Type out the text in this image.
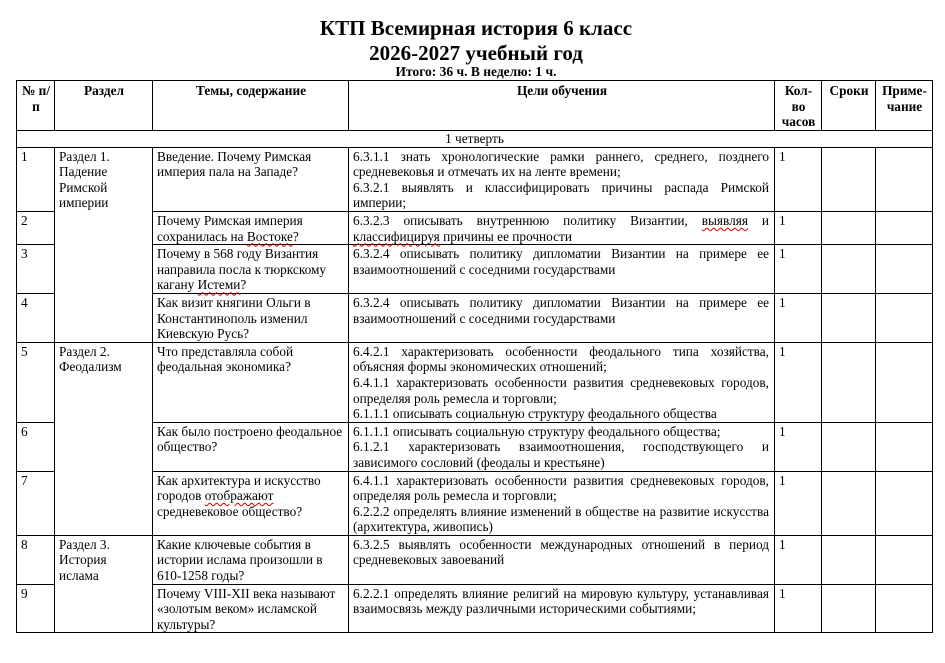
КТП Всемирная история 6 класс
2026-2027 учебный год
Итого: 36 ч. В неделю: 1 ч.
№ п/п	Раздел	Темы, содержание	Цели обучения	Кол-во часов	Сроки	Приме-чание
1 четверть						
1	Раздел 1. Падение Римской империи	Введение. Почему Римская империя пала на Западе?	6.3.1.1 знать хронологические рамки раннего, среднего, позднего средневековья и отмечать их на ленте времени;

6.3.2.1 выявлять и классифицировать причины распада Римской империи;	1		
2		Почему Римская империя сохранилась на Востоке?	6.3.2.3 описывать внутреннюю политику Византии, выявляя и классифицируя причины ее прочности	1		
3		Почему в 568 году Византия направила посла к тюркскому кагану Истеми?	6.3.2.4 описывать политику дипломатии Византии на примере ее взаимоотношений с соседними государствами	1		
4		Как визит княгини Ольги в Константинополь изменил Киевскую Русь?	6.3.2.4 описывать политику дипломатии Византии на примере ее взаимоотношений с соседними государствами	1		
5	Раздел 2. Феодализм	Что представляла собой феодальная экономика?	6.4.2.1 характеризовать особенности феодального типа хозяйства, объясняя формы экономических отношений;

6.4.1.1 характеризовать особенности развития средневековых городов, определяя роль ремесла и торговли;

6.1.1.1 описывать социальную структуру феодального общества	1		
6		Как было построено феодальное общество?	6.1.1.1 описывать социальную структуру феодального общества;

6.1.2.1 характеризовать взаимоотношения, господствующего и зависимого сословий (феодалы и крестьяне)	1		
7		Как архитектура и искусство городов отображают средневековое общество?	6.4.1.1 характеризовать особенности развития средневековых городов, определяя роль ремесла и торговли;

6.2.2.2 определять влияние изменений в обществе на развитие искусства (архитектура, живопись)	1		
8	Раздел 3. История ислама	Какие ключевые события в истории ислама произошли в 610-1258 годы?	6.3.2.5 выявлять особенности международных отношений в период средневековых завоеваний	1		
9		Почему VIII-XII века называют «золотым веком» исламской культуры?	6.2.2.1 определять влияние религий на мировую культуру, устанавливая взаимосвязь между различными историческими событиями;	1		
